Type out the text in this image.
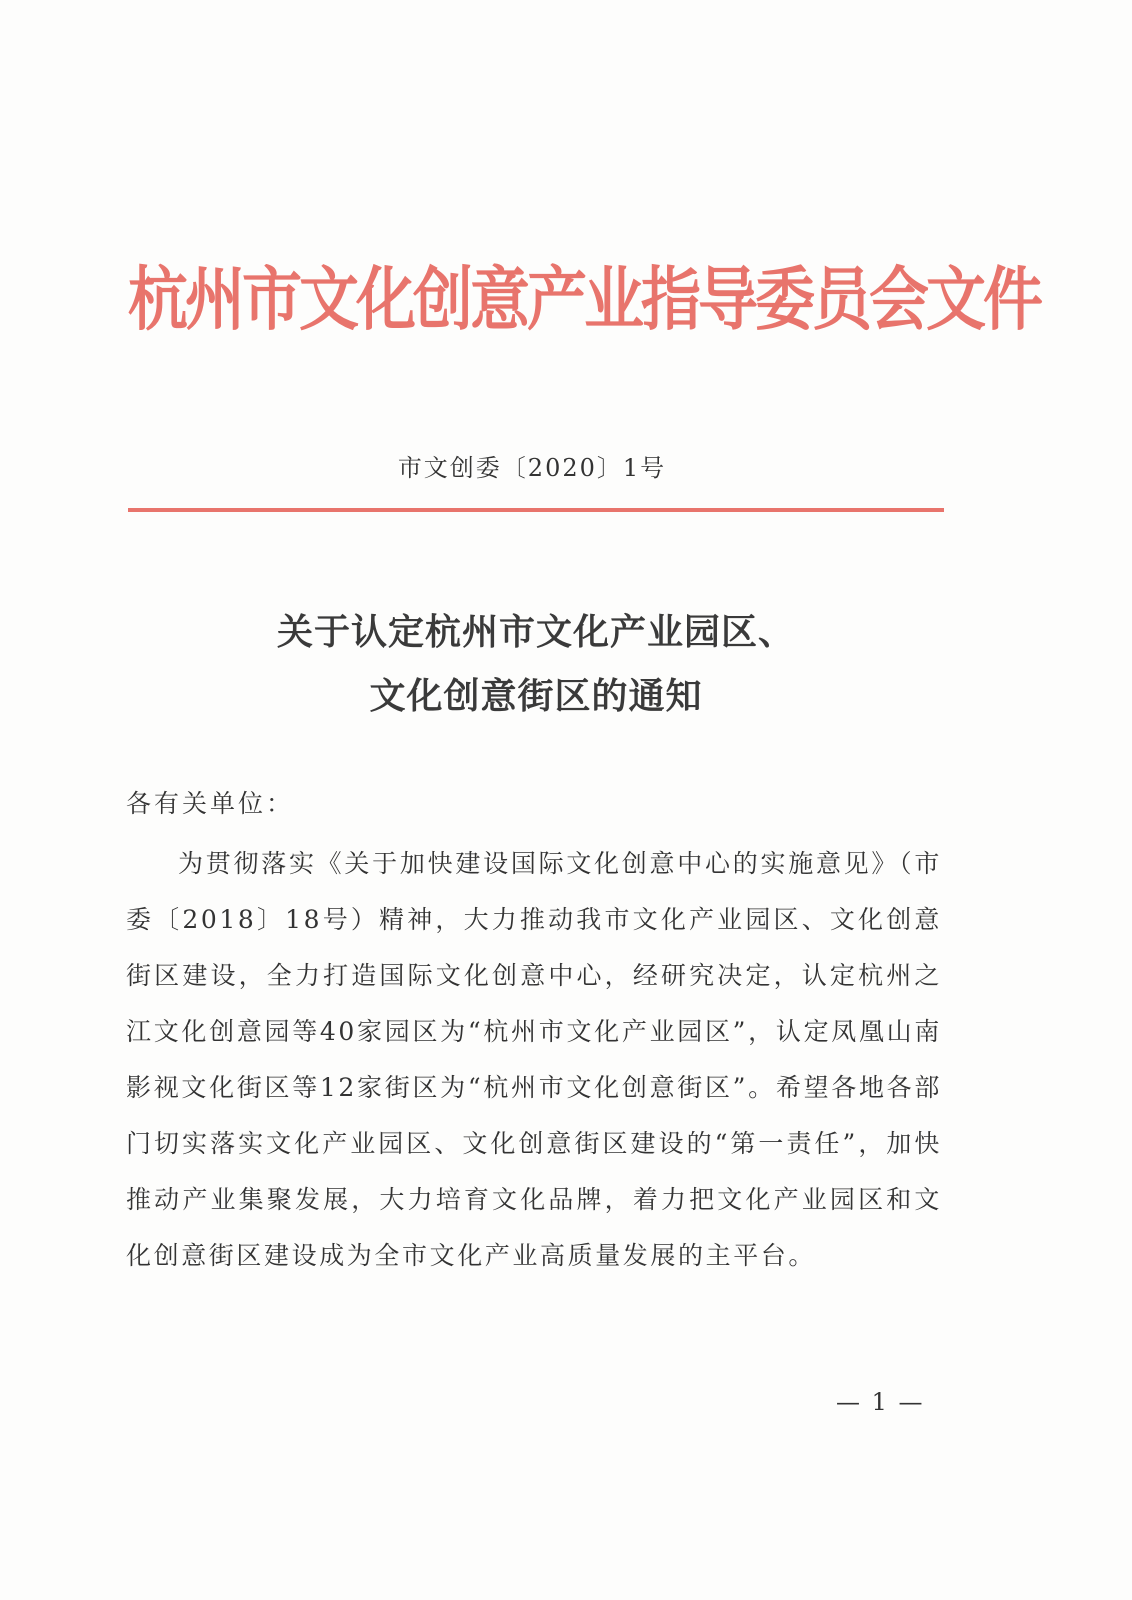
杭州市文化创意产业指导委员会文件
市文创委〔2020〕1号
关于认定杭州市文化产业园区、
文化创意街区的通知
各有关单位：

为贯彻落实《关于加快建设国际文化创意中心的实施意见》（市委〔2018〕18号）精神，大力推动我市文化产业园区、文化创意街区建设，全力打造国际文化创意中心，经研究决定，认定杭州之江文化创意园等40家园区为“杭州市文化产业园区”，认定凤凰山南影视文化街区等12家街区为“杭州市文化创意街区”。希望各地各部门切实落实文化产业园区、文化创意街区建设的“第一责任”，加快推动产业集聚发展，大力培育文化品牌，着力把文化产业园区和文化创意街区建设成为全市文化产业高质量发展的主平台。

— 1 —
